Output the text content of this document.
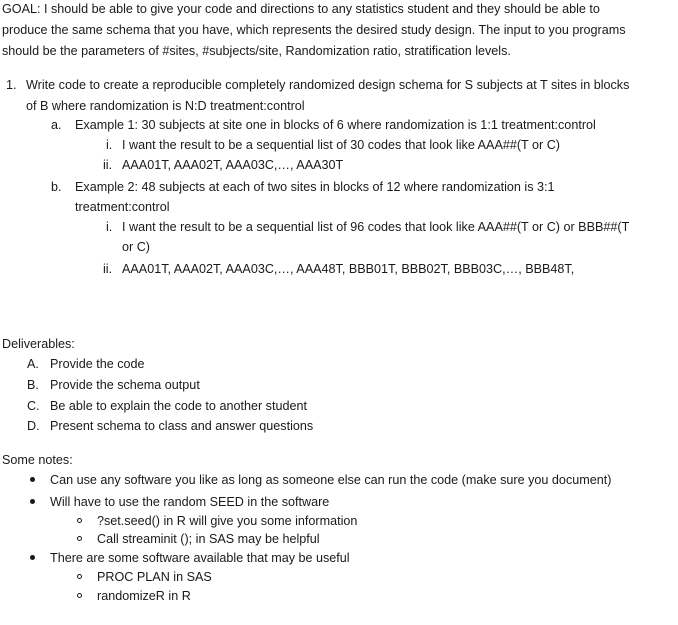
GOAL: I should be able to give your code and directions to any statistics student and they should be able to
produce the same schema that you have, which represents the desired study design. The input to you programs
should be the parameters of #sites, #subjects/site, Randomization ratio, stratification levels.
1. Write code to create a reproducible completely randomized design schema for S subjects at T sites in blocks
of B where randomization is N:D treatment:control
a. Example 1: 30 subjects at site one in blocks of 6 where randomization is 1:1 treatment:control
i. I want the result to be a sequential list of 30 codes that look like AAA##(T or C)
ii. AAA01T, AAA02T, AAA03C,…, AAA30T
b. Example 2: 48 subjects at each of two sites in blocks of 12 where randomization is 3:1
treatment:control
i. I want the result to be a sequential list of 96 codes that look like AAA##(T or C) or BBB##(T
or C)
ii. AAA01T, AAA02T, AAA03C,…, AAA48T, BBB01T, BBB02T, BBB03C,…, BBB48T,
Deliverables:
A. Provide the code
B. Provide the schema output
C. Be able to explain the code to another student
D. Present schema to class and answer questions
Some notes:
Can use any software you like as long as someone else can run the code (make sure you document)
Will have to use the random SEED in the software
?set.seed() in R will give you some information
Call streaminit (); in SAS may be helpful
There are some software available that may be useful
PROC PLAN in SAS
randomizeR in R
